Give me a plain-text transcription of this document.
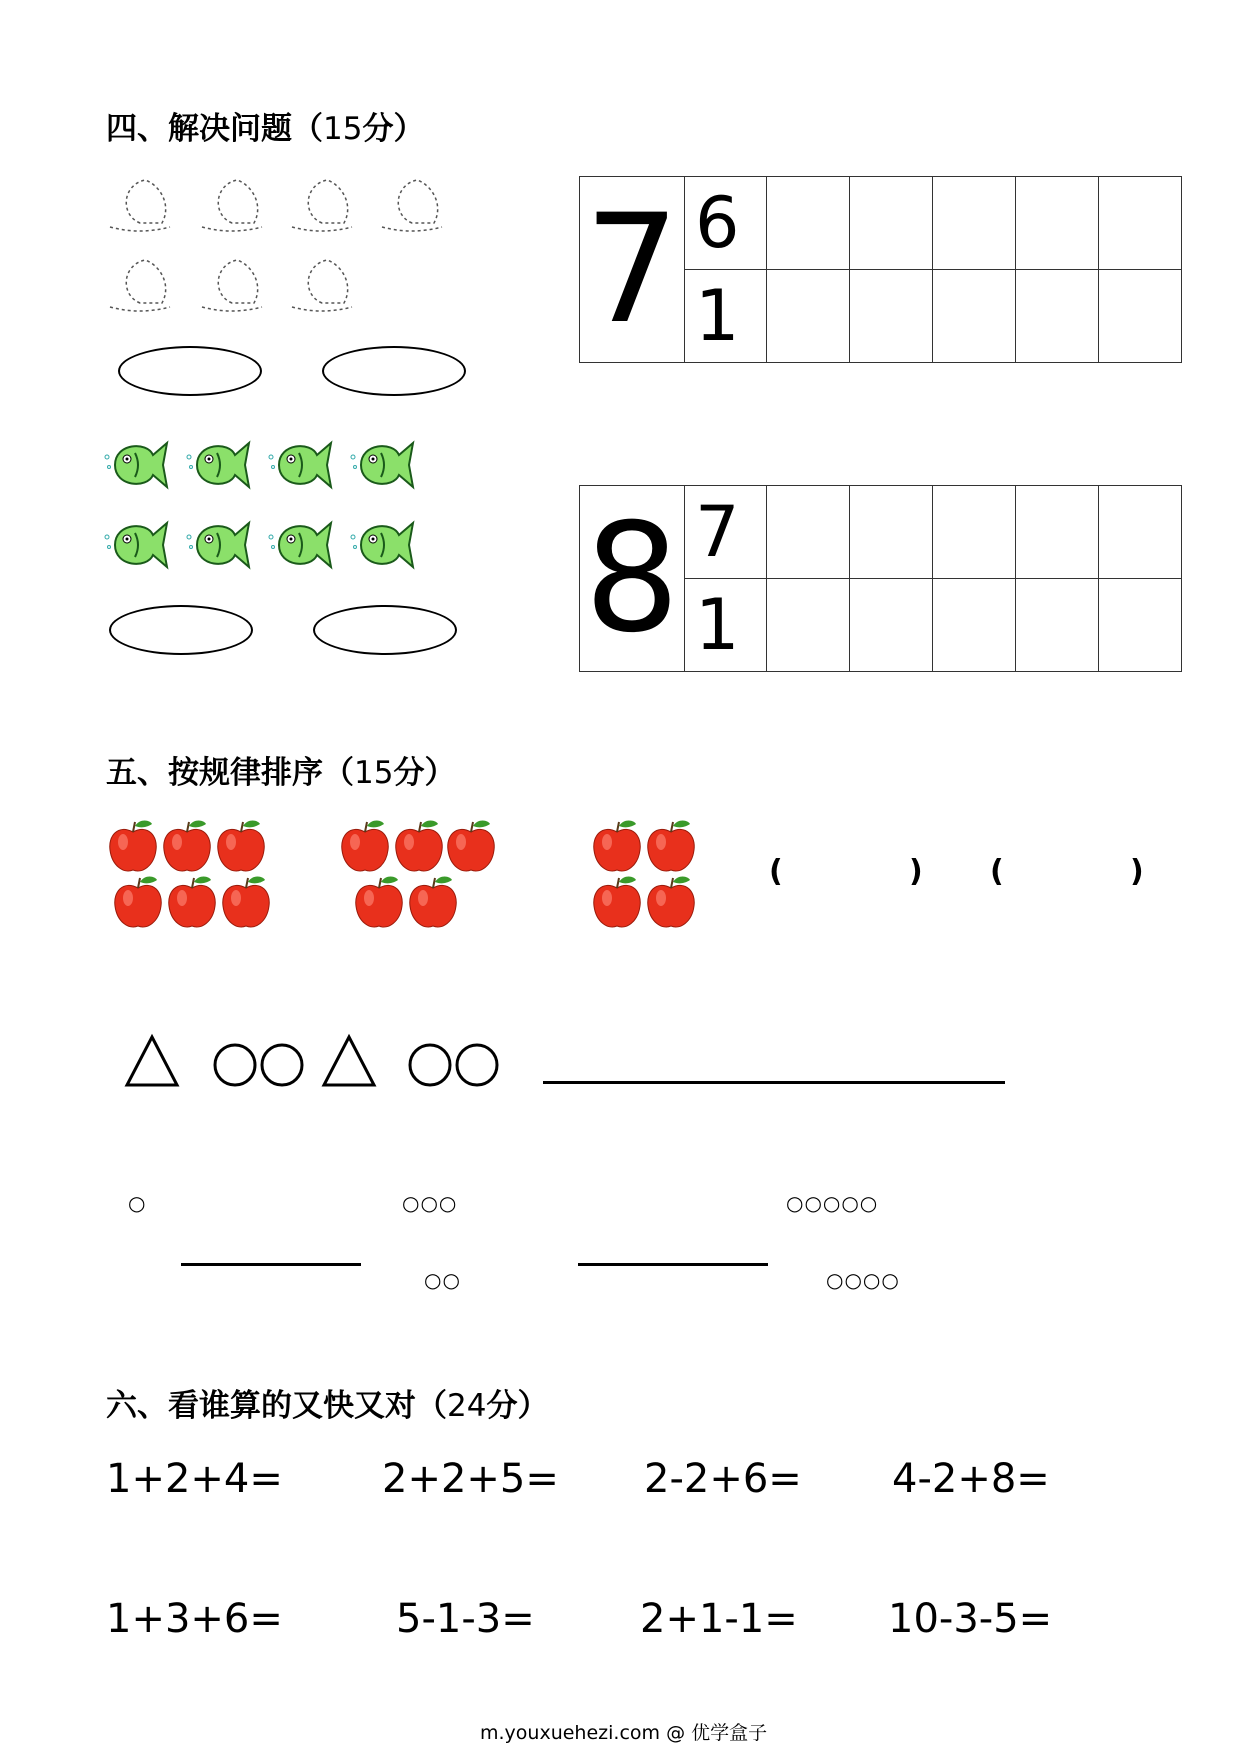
四、解决问题（15分）
7	6					
	1					
8	7					
	1					
五、按规律排序（15分）
(	) (	)
○	○○○	○○○○○
○○	○○○○
六、看谁算的又快又对（24分）
1+2+4= 2+2+5= 2-2+6= 4-2+8=
1+3+6=	5-1-3=	2+1-1= 10-3-5=
m.youxuehezi.com @ 优学盒子
